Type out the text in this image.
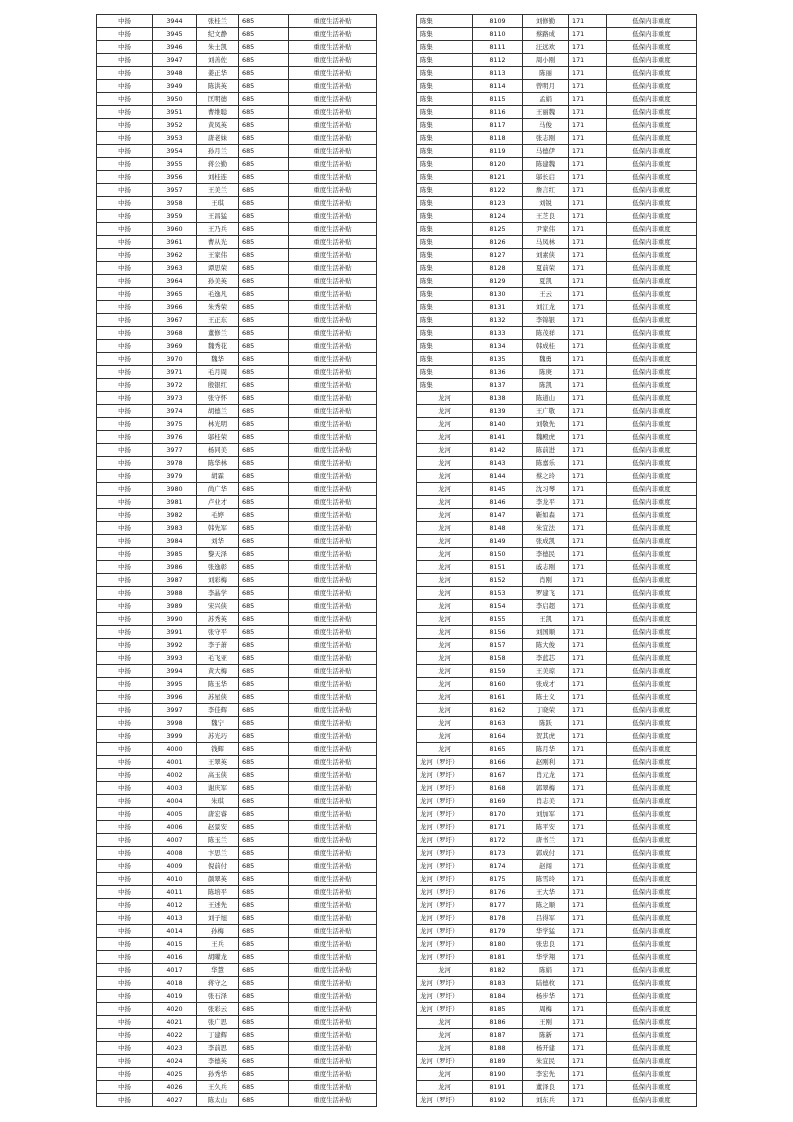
中扬	3944	张桂兰	685	重度生活补贴
中扬	3945	纪文静	685	重度生活补贴
中扬	3946	朱士凯	685	重度生活补贴
中扬	3947	刘善佐	685	重度生活补贴
中扬	3948	姜正华	685	重度生活补贴
中扬	3949	陈洪英	685	重度生活补贴
中扬	3950	匡明德	685	重度生活补贴
中扬	3951	曹维聪	685	重度生活补贴
中扬	3952	黄凤英	685	重度生活补贴
中扬	3953	唐老妹	685	重度生活补贴
中扬	3954	孙月兰	685	重度生活补贴
中扬	3955	蒋公勤	685	重度生活补贴
中扬	3956	刘桂连	685	重度生活补贴
中扬	3957	王美兰	685	重度生活补贴
中扬	3958	王琪	685	重度生活补贴
中扬	3959	王昌猛	685	重度生活补贴
中扬	3960	王乃兵	685	重度生活补贴
中扬	3961	曹从光	685	重度生活补贴
中扬	3962	王家伟	685	重度生活补贴
中扬	3963	谭思荣	685	重度生活补贴
中扬	3964	孙美英	685	重度生活补贴
中扬	3965	毛逸凡	685	重度生活补贴
中扬	3966	朱秀荣	685	重度生活补贴
中扬	3967	王正东	685	重度生活补贴
中扬	3968	董修兰	685	重度生活补贴
中扬	3969	魏秀花	685	重度生活补贴
中扬	3970	魏华	685	重度生活补贴
中扬	3971	毛月周	685	重度生活补贴
中扬	3972	殷银红	685	重度生活补贴
中扬	3973	张守怀	685	重度生活补贴
中扬	3974	胡德兰	685	重度生活补贴
中扬	3975	林光明	685	重度生活补贴
中扬	3976	邬桂荣	685	重度生活补贴
中扬	3977	杨同美	685	重度生活补贴
中扬	3978	陈华林	685	重度生活补贴
中扬	3979	胡霖	685	重度生活补贴
中扬	3980	尚广华	685	重度生活补贴
中扬	3981	卢业才	685	重度生活补贴
中扬	3982	毛婷	685	重度生活补贴
中扬	3983	韩先军	685	重度生活补贴
中扬	3984	刘华	685	重度生活补贴
中扬	3985	黎天泽	685	重度生活补贴
中扬	3986	张逸彰	685	重度生活补贴
中扬	3987	刘彩梅	685	重度生活补贴
中扬	3988	李晶学	685	重度生活补贴
中扬	3989	宋兴侠	685	重度生活补贴
中扬	3990	苏秀英	685	重度生活补贴
中扬	3991	张守平	685	重度生活补贴
中扬	3992	李子萧	685	重度生活补贴
中扬	3993	毛飞亚	685	重度生活补贴
中扬	3994	黄大梅	685	重度生活补贴
中扬	3995	陈玉华	685	重度生活补贴
中扬	3996	苏星侠	685	重度生活补贴
中扬	3997	李佳辉	685	重度生活补贴
中扬	3998	魏宁	685	重度生活补贴
中扬	3999	苏光巧	685	重度生活补贴
中扬	4000	钱辉	685	重度生活补贴
中扬	4001	王翠英	685	重度生活补贴
中扬	4002	高玉侠	685	重度生活补贴
中扬	4003	谢庆军	685	重度生活补贴
中扬	4004	朱琪	685	重度生活补贴
中扬	4005	唐宏睿	685	重度生活补贴
中扬	4006	赵景安	685	重度生活补贴
中扬	4007	陈玉兰	685	重度生活补贴
中扬	4008	卞思兰	685	重度生活补贴
中扬	4009	倪前付	685	重度生活补贴
中扬	4010	颜翠英	685	重度生活补贴
中扬	4011	陈培平	685	重度生活补贴
中扬	4012	王述先	685	重度生活补贴
中扬	4013	刘子旭	685	重度生活补贴
中扬	4014	孙梅	685	重度生活补贴
中扬	4015	王兵	685	重度生活补贴
中扬	4016	胡曜龙	685	重度生活补贴
中扬	4017	华慧	685	重度生活补贴
中扬	4018	蒋守之	685	重度生活补贴
中扬	4019	张石泽	685	重度生活补贴
中扬	4020	张彩云	685	重度生活补贴
中扬	4021	张广思	685	重度生活补贴
中扬	4022	丁建辉	685	重度生活补贴
中扬	4023	李前思	685	重度生活补贴
中扬	4024	李德英	685	重度生活补贴
中扬	4025	孙秀华	685	重度生活补贴
中扬	4026	王久兵	685	重度生活补贴
中扬	4027	陈太山	685	重度生活补贴
陈集	8109	刘修勤	171	低保内非重度
陈集	8110	蔡路成	171	低保内非重度
陈集	8111	汪远欢	171	低保内非重度
陈集	8112	周小刚	171	低保内非重度
陈集	8113	陈丽	171	低保内非重度
陈集	8114	曾明月	171	低保内非重度
陈集	8115	孟娟	171	低保内非重度
陈集	8116	王丽魏	171	低保内非重度
陈集	8117	马俊	171	低保内非重度
陈集	8118	张志刚	171	低保内非重度
陈集	8119	马德伊	171	低保内非重度
陈集	8120	陈建魏	171	低保内非重度
陈集	8121	邬长启	171	低保内非重度
陈集	8122	詹言红	171	低保内非重度
陈集	8123	刘锐	171	低保内非重度
陈集	8124	王芝良	171	低保内非重度
陈集	8125	尹家伟	171	低保内非重度
陈集	8126	马凤林	171	低保内非重度
陈集	8127	刘素侠	171	低保内非重度
陈集	8128	夏前荣	171	低保内非重度
陈集	8129	夏凯	171	低保内非重度
陈集	8130	王云	171	低保内非重度
陈集	8131	刘江龙	171	低保内非重度
陈集	8132	李锦银	171	低保内非重度
陈集	8133	陈茂祥	171	低保内非重度
陈集	8134	韩成桂	171	低保内非重度
陈集	8135	魏勇	171	低保内非重度
陈集	8136	陈庚	171	低保内非重度
陈集	8137	陈凯	171	低保内非重度
龙河	8138	陈道山	171	低保内非重度
龙河	8139	王广敬	171	低保内非重度
龙河	8140	刘敬先	171	低保内非重度
龙河	8141	魏殿虎	171	低保内非重度
龙河	8142	陈前进	171	低保内非重度
龙河	8143	陈嘉乐	171	低保内非重度
龙河	8144	蔡之玲	171	低保内非重度
龙河	8145	沈习琴	171	低保内非重度
龙河	8146	李龙平	171	低保内非重度
龙河	8147	靳如森	171	低保内非重度
龙河	8148	朱宜法	171	低保内非重度
龙河	8149	张成凯	171	低保内非重度
龙河	8150	李德民	171	低保内非重度
龙河	8151	戚志刚	171	低保内非重度
龙河	8152	肖刚	171	低保内非重度
龙河	8153	罗建飞	171	低保内非重度
龙河	8154	李启超	171	低保内非重度
龙河	8155	王凯	171	低保内非重度
龙河	8156	刘国顺	171	低保内非重度
龙河	8157	陈大俊	171	低保内非重度
龙河	8158	李蓝芯	171	低保内非重度
龙河	8159	王美琼	171	低保内非重度
龙河	8160	张成才	171	低保内非重度
龙河	8161	陈士义	171	低保内非重度
龙河	8162	丁晓荣	171	低保内非重度
龙河	8163	陈跃	171	低保内非重度
龙河	8164	贺其虎	171	低保内非重度
龙河	8165	陈月华	171	低保内非重度
龙河（罗圩）	8166	赵刚利	171	低保内非重度
龙河（罗圩）	8167	肖元龙	171	低保内非重度
龙河（罗圩）	8168	郭翠梅	171	低保内非重度
龙河（罗圩）	8169	肖志美	171	低保内非重度
龙河（罗圩）	8170	刘加军	171	低保内非重度
龙河（罗圩）	8171	陈平安	171	低保内非重度
龙河（罗圩）	8172	唐书兰	171	低保内非重度
龙河（罗圩）	8173	郭成付	171	低保内非重度
龙河（罗圩）	8174	赵闯	171	低保内非重度
龙河（罗圩）	8175	陈雪玲	171	低保内非重度
龙河（罗圩）	8176	王大华	171	低保内非重度
龙河（罗圩）	8177	陈之顺	171	低保内非重度
龙河（罗圩）	8178	吕得军	171	低保内非重度
龙河（罗圩）	8179	华学猛	171	低保内非重度
龙河（罗圩）	8180	张忠良	171	低保内非重度
龙河（罗圩）	8181	华学翔	171	低保内非重度
龙河	8182	陈娟	171	低保内非重度
龙河（罗圩）	8183	陆德枚	171	低保内非重度
龙河（罗圩）	8184	杨步华	171	低保内非重度
龙河（罗圩）	8185	周梅	171	低保内非重度
龙河	8186	王刚	171	低保内非重度
龙河	8187	陈新	171	低保内非重度
龙河	8188	杨开建	171	低保内非重度
龙河（罗圩）	8189	朱宜民	171	低保内非重度
龙河	8190	李宏先	171	低保内非重度
龙河	8191	董泽良	171	低保内非重度
龙河（罗圩）	8192	刘东兵	171	低保内非重度
